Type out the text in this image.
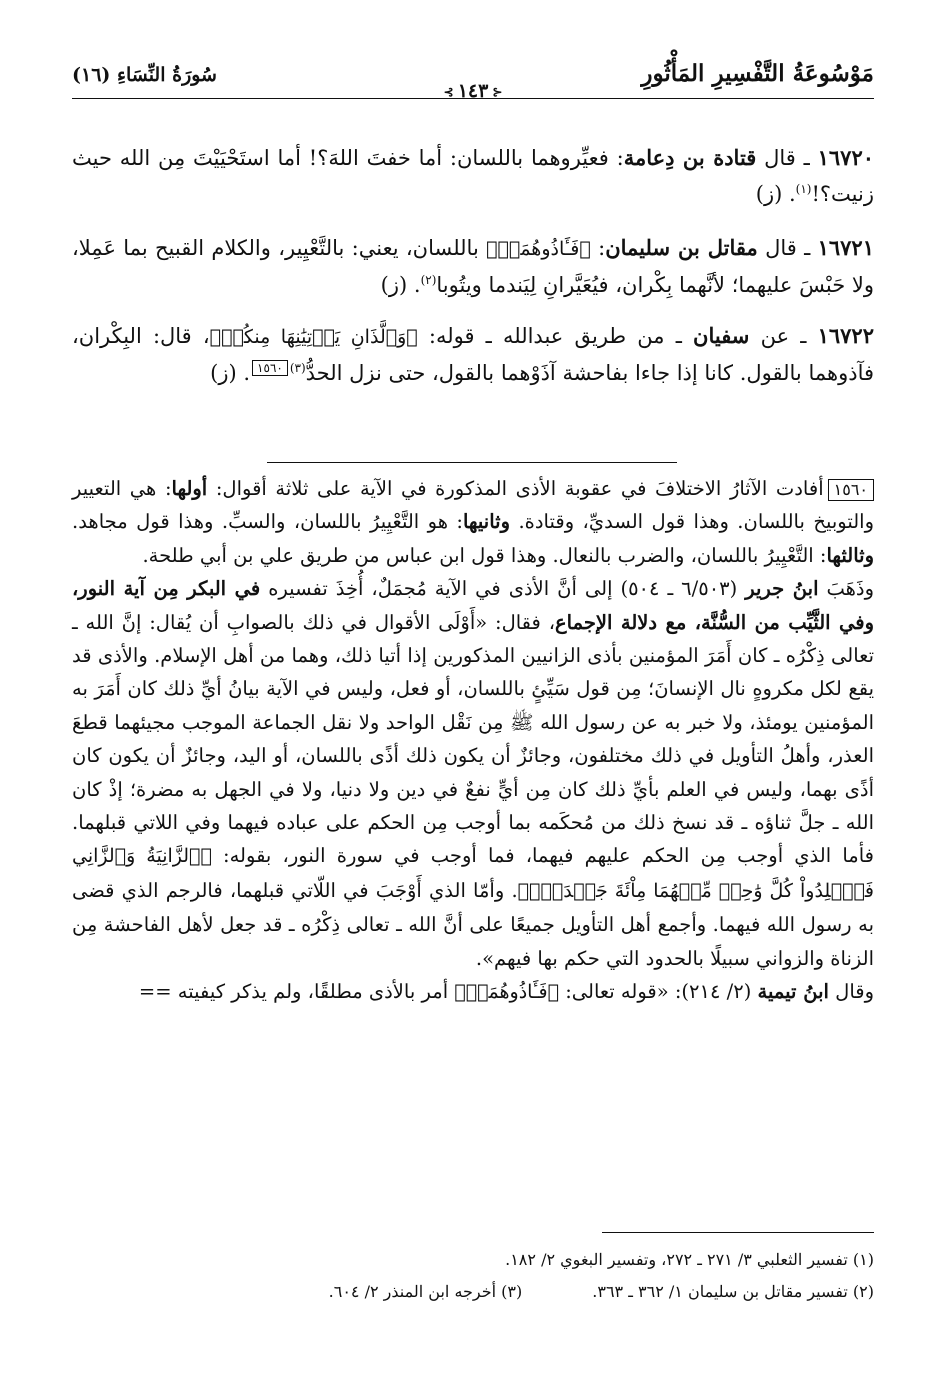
مَوْسُوعَةُ التَّفْسِيرِ المَأْثُورِ
⊰١٤٣⊱
سُورَةُ النِّسَاءِ (١٦)

١٦٧٢٠ ـ قال قتادة بن دِعامة: فعيِّروهما باللسان: أما خفتَ اللهَ؟! أما استَحْيَيْتَ مِن الله حيث زنيت؟!$^{(١)}$. (ز)

١٦٧٢١ ـ قال مقاتل بن سليمان: ﴿فَـَٔاذُوهُمَاۖ﴾ باللسان، يعني: بالتَّعْيِير، والكلام القبيح بما عَمِلا، ولا حَبْسَ عليهما؛ لأنَّهما بِكْران، فيُعَيَّرانِ لِيَندما ويتُوبا$^{(٢)}$. (ز)

١٦٧٢٢ ـ عن سفيان ـ من طريق عبدالله ـ قوله: ﴿وَٱلَّذَانِ يَأۡتِيَٰنِهَا مِنكُمۡ﴾، قال: البِكْران، فآذوهما بالقول. كانا إذا جاءا بفاحشة آذَوْهما بالقول، حتى نزل الحدُّ$^{(٣)}$١٥٦٠. (ز)

١٥٦٠أفادت الآثارُ الاختلافَ في عقوبة الأذى المذكورة في الآية على ثلاثة أقوال: أولها: هي التعيير والتوبيخ باللسان. وهذا قول السديِّ، وقتادة. وثانيها: هو التَّعْيِيرُ باللسان، والسبِّ. وهذا قول مجاهد. وثالثها: التَّعْيِيرُ باللسان، والضرب بالنعال. وهذا قول ابن عباس من طريق علي بن أبي طلحة.

وذَهَبَ ابنُ جرير (٦/٥٠٣ ـ ٥٠٤) إلى أنَّ الأذى في الآية مُجمَلٌ، أُخِذَ تفسيره في البكر مِن آية النور، وفي الثَّيِّب من السُّنَّة، مع دلالة الإجماع، فقال: «أَوْلَى الأقوال في ذلك بالصوابِ أن يُقال: إنَّ الله ـ تعالى ذِكْرُه ـ كان أَمَرَ المؤمنين بأذى الزانيين المذكورين إذا أتيا ذلك، وهما من أهل الإسلام. والأذى قد يقع لكل مكروهٍ نال الإنسانَ؛ مِن قول سَيِّئٍ باللسان، أو فعل، وليس في الآية بيانُ أيِّ ذلك كان أَمَرَ به المؤمنين يومئذ، ولا خبر به عن رسول الله ﷺ مِن نَقْل الواحد ولا نقل الجماعة الموجب مجيئهما قطعَ العذر، وأهلُ التأويل في ذلك مختلفون، وجائزٌ أن يكون ذلك أذًى باللسان، أو اليد، وجائزٌ أن يكون كان أذًى بهما، وليس في العلم بأيِّ ذلك كان مِن أيٍّ نفعٌ في دين ولا دنيا، ولا في الجهل به مضرة؛ إذْ كان الله ـ جلَّ ثناؤه ـ قد نسخ ذلك من مُحكَمه بما أوجب مِن الحكم على عباده فيهما وفي اللاتي قبلهما. فأما الذي أوجب مِن الحكم عليهم فيهما، فما أوجب في سورة النور، بقوله: ﴿ٱلزَّانِيَةُ وَٱلزَّانِي فَٱجۡلِدُواْ كُلَّ وَٰحِدٖ مِّنۡهُمَا مِاْئَةَ جَلۡدَةٖۖ﴾. وأمّا الذي أَوْجَبَ في اللّاتي قبلهما، فالرجم الذي قضى به رسول الله فيهما. وأجمع أهل التأويل جميعًا على أنَّ الله ـ تعالى ذِكْرُه ـ قد جعل لأهل الفاحشة مِن الزناة والزواني سبيلًا بالحدود التي حكم بها فيهم».

وقال ابنُ تيمية (٢/ ٢١٤): «قوله تعالى: ﴿فَـَٔاذُوهُمَاۖ﴾ أمر بالأذى مطلقًا، ولم يذكر كيفيته ==

(١) تفسير الثعلبي ٣/ ٢٧١ ـ ٢٧٢، وتفسير البغوي ٢/ ١٨٢.
(٢) تفسير مقاتل بن سليمان ١/ ٣٦٢ ـ ٣٦٣.
(٣) أخرجه ابن المنذر ٢/ ٦٠٤.
